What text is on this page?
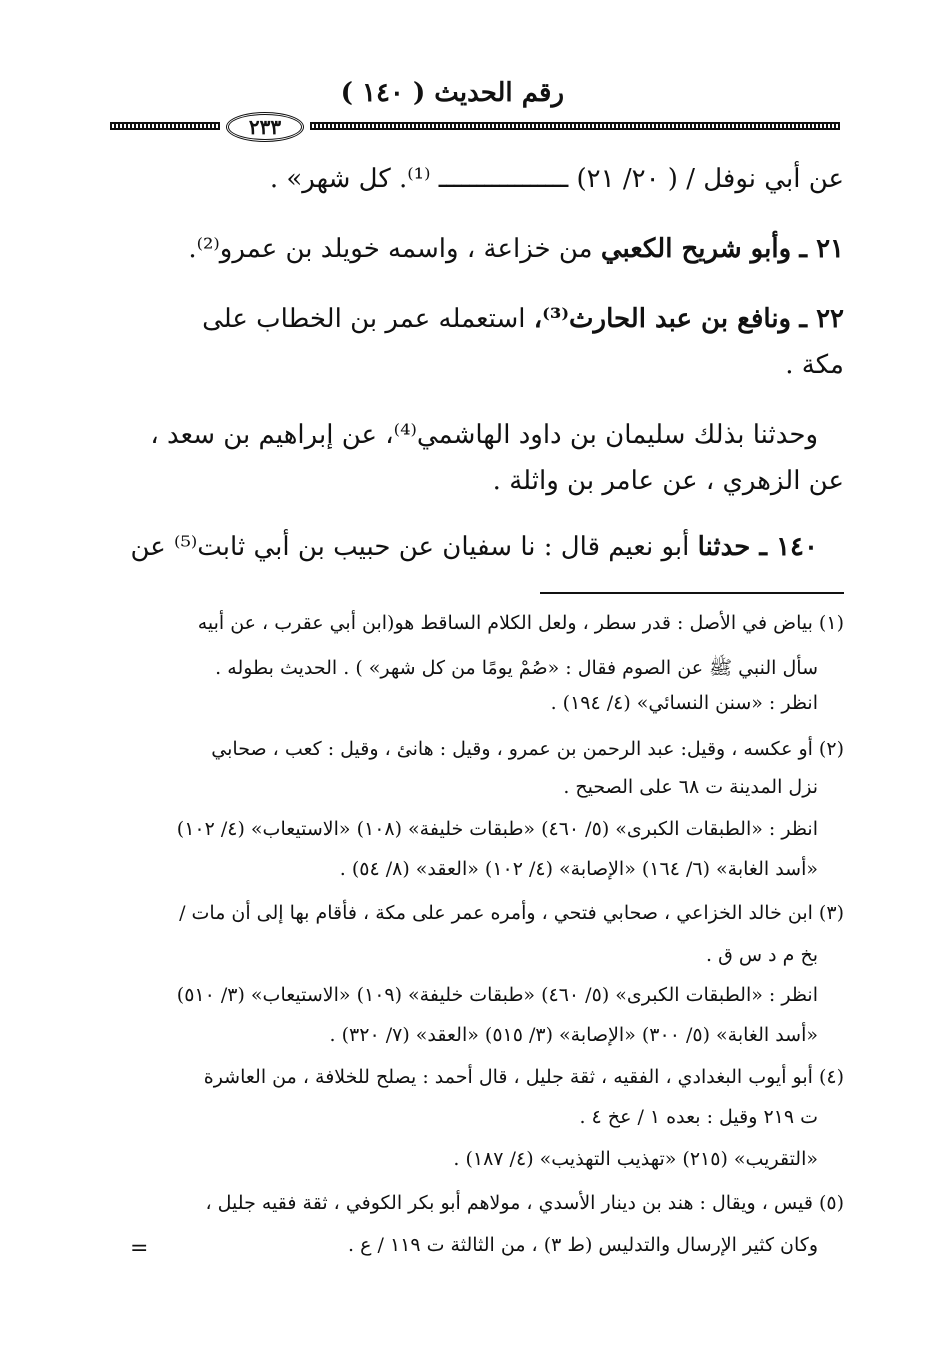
رقم الحديث ( ١٤٠ )
٢٣٣
عن أبي نوفل / ( ٢٠/ ٢١) ـــــــــــــــــ ⁽¹⁾. كل شهر» .
٢١ ـ وأبو شريح الكعبي من خزاعة ، واسمه خويلد بن عمرو⁽²⁾.
٢٢ ـ ونافع بن عبد الحارث⁽³⁾، استعمله عمر بن الخطاب على
مكة .
وحدثنا بذلك سليمان بن داود الهاشمي⁽⁴⁾، عن إبراهيم بن سعد ،
عن الزهري ، عن عامر بن واثلة .
١٤٠ ـ حدثنا أبو نعيم قال : نا سفيان عن حبيب بن أبي ثابت⁽⁵⁾ عن
(١) بياض في الأصل : قدر سطر ، ولعل الكلام الساقط هو(ابن أبي عقرب ، عن أبيه
سأل النبي ﷺ عن الصوم فقال : «صُمْ يومًا من كل شهر» ) . الحديث بطوله .
انظر : «سنن النسائي» (٤/ ١٩٤) .
(٢) أو عكسه ، وقيل: عبد الرحمن بن عمرو ، وقيل : هانئ ، وقيل : كعب ، صحابي
نزل المدينة ت ٦٨ على الصحيح .
انظر : «الطبقات الكبرى» (٥/ ٤٦٠) «طبقات خليفة» (١٠٨) «الاستيعاب» (٤/ ١٠٢)
«أسد الغابة» (٦/ ١٦٤) «الإصابة» (٤/ ١٠٢) «العقد» (٨/ ٥٤) .
(٣) ابن خالد الخزاعي ، صحابي فتحي ، وأمره عمر على مكة ، فأقام بها إلى أن مات /
بخ م د س ق .
انظر : «الطبقات الكبرى» (٥/ ٤٦٠) «طبقات خليفة» (١٠٩) «الاستيعاب» (٣/ ٥١٠)
«أسد الغابة» (٥/ ٣٠٠) «الإصابة» (٣/ ٥١٥) «العقد» (٧/ ٣٢٠) .
(٤) أبو أيوب البغدادي ، الفقيه ، ثقة جليل ، قال أحمد : يصلح للخلافة ، من العاشرة
ت ٢١٩ وقيل : بعده ١ / عخ ٤ .
«التقريب» (٢١٥) «تهذيب التهذيب» (٤/ ١٨٧) .
(٥) قيس ، ويقال : هند بن دينار الأسدي ، مولاهم أبو بكر الكوفي ، ثقة فقيه جليل ،
وكان كثير الإرسال والتدليس (ط ٣) ، من الثالثة ت ١١٩ / ع .
=
